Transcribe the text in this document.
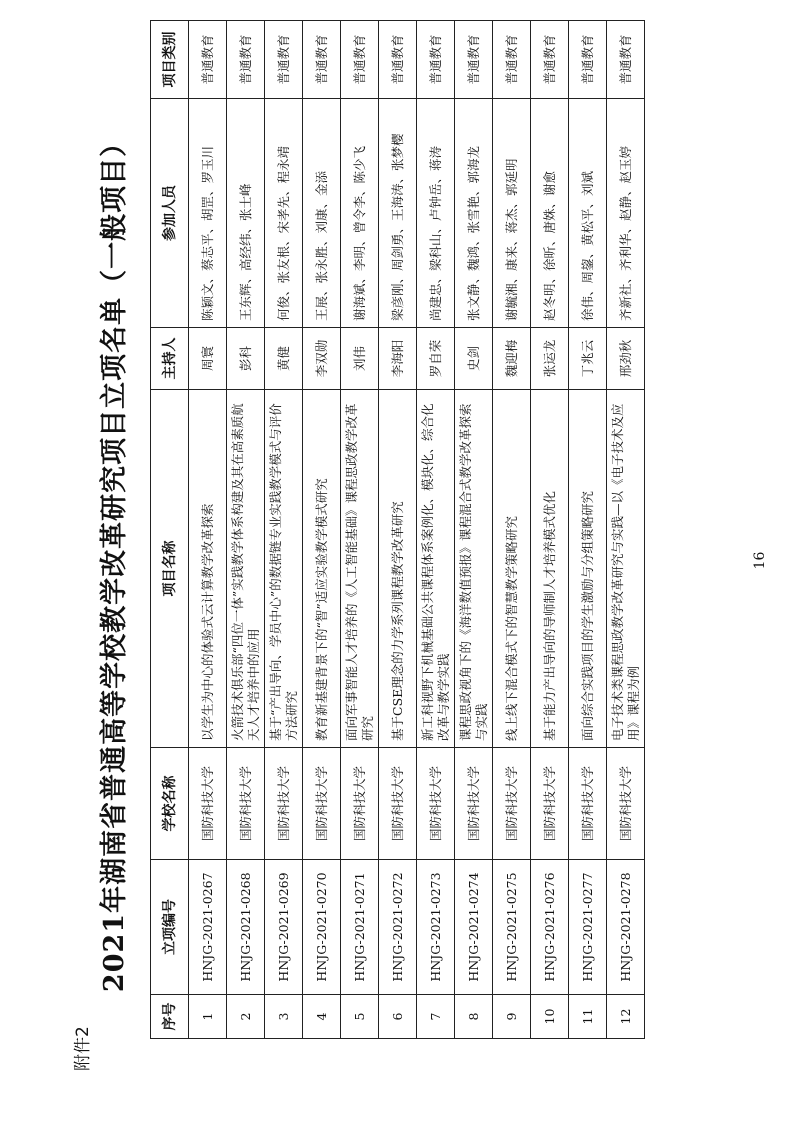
附件2
2021年湖南省普通高等学校教学改革研究项目立项名单（一般项目）
序号	立项编号	学校名称	项目名称	主持人	参加人员	项目类别
1	HNJG-2021-0267	国防科技大学	以学生为中心的体验式云计算教学改革探索	周寰	陈颖文、蔡志平、胡罡、罗玉川	普通教育
2	HNJG-2021-0268	国防科技大学	火箭技术俱乐部“四位一体”实践教学体系构建及其在高素质航天人才培养中的应用	彭科	王东辉、高经纬、张士峰	普通教育
3	HNJG-2021-0269	国防科技大学	基于“产出导向、学员中心”的数据链专业实践教学模式与评价方法研究	黄健	何俊、张友根、宋孝先、程永靖	普通教育
4	HNJG-2021-0270	国防科技大学	教育新基建背景下的“智”适应实验教学模式研究	李双勋	王展、张永胜、刘康、金添	普通教育
5	HNJG-2021-0271	国防科技大学	面向军事智能人才培养的《人工智能基础》课程思政教学改革研究	刘伟	谢海斌、李明、曾令李、陈少飞	普通教育
6	HNJG-2021-0272	国防科技大学	基于CSE理念的力学系列课程教学改革研究	李海阳	梁彦刚、周剑勇、王海涛、张梦樱	普通教育
7	HNJG-2021-0273	国防科技大学	新工科视野下机械基础公共课程体系案例化、模块化、综合化改革与教学实践	罗自荣	尚建忠、梁科山、卢钟岳、蒋涛	普通教育
8	HNJG-2021-0274	国防科技大学	课程思政视角下的《海洋数值预报》课程混合式教学改革探索与实践	史剑	张文静、魏鸿、张雪艳、郭海龙	普通教育
9	HNJG-2021-0275	国防科技大学	线上线下混合模式下的智慧教学策略研究	魏迎梅	谢毓湘、康来、蒋杰、郭延明	普通教育
10	HNJG-2021-0276	国防科技大学	基于能力产出导向的导师制人才培养模式优化	张运龙	赵冬明、徐昕、唐姝、谢愈	普通教育
11	HNJG-2021-0277	国防科技大学	面向综合实践项目的学生激励与分组策略研究	丁兆云	徐伟、周鋆、黄松平、刘斌	普通教育
12	HNJG-2021-0278	国防科技大学	电子技术类课程思政教学改革研究与实践—以《电子技术及应用》课程为例	邢劲秋	齐新社、齐利华、赵静、赵玉婷	普通教育
16
